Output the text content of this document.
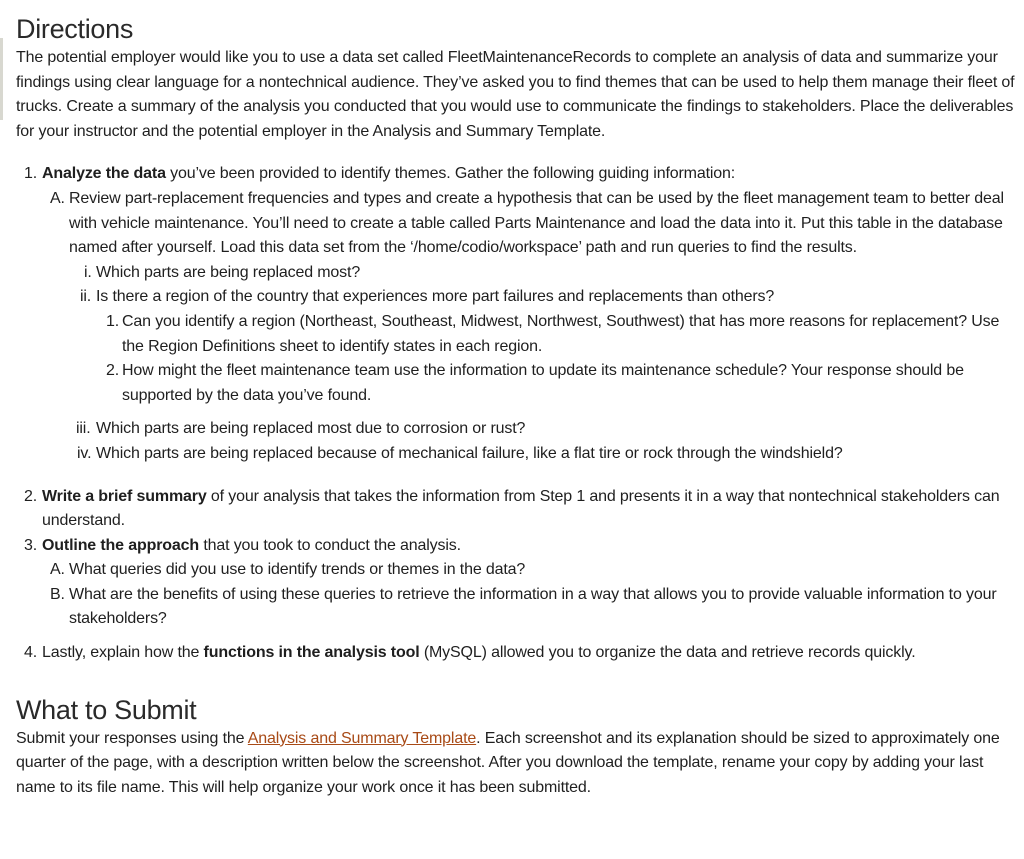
Directions

The potential employer would like you to use a data set called FleetMaintenanceRecords to complete an analysis of data and summarize your findings using clear language for a nontechnical audience. They’ve asked you to find themes that can be used to help them manage their fleet of trucks. Create a summary of the analysis you conducted that you would use to communicate the findings to stakeholders. Place the deliverables for your instructor and the potential employer in the Analysis and Summary Template.

1. Analyze the data you’ve been provided to identify themes. Gather the following guiding information:
A. Review part-replacement frequencies and types and create a hypothesis that can be used by the fleet management team to better deal with vehicle maintenance. You’ll need to create a table called Parts Maintenance and load the data into it. Put this table in the database named after yourself. Load this data set from the ‘/home/codio/workspace’ path and run queries to find the results.
i. Which parts are being replaced most?
ii. Is there a region of the country that experiences more part failures and replacements than others?
1. Can you identify a region (Northeast, Southeast, Midwest, Northwest, Southwest) that has more reasons for replacement? Use the Region Definitions sheet to identify states in each region.
2. How might the fleet maintenance team use the information to update its maintenance schedule? Your response should be supported by the data you’ve found.
iii. Which parts are being replaced most due to corrosion or rust?
iv. Which parts are being replaced because of mechanical failure, like a flat tire or rock through the windshield?
2. Write a brief summary of your analysis that takes the information from Step 1 and presents it in a way that nontechnical stakeholders can understand.
3. Outline the approach that you took to conduct the analysis.
A. What queries did you use to identify trends or themes in the data?
B. What are the benefits of using these queries to retrieve the information in a way that allows you to provide valuable information to your stakeholders?
4. Lastly, explain how the functions in the analysis tool (MySQL) allowed you to organize the data and retrieve records quickly.
What to Submit

Submit your responses using the Analysis and Summary Template. Each screenshot and its explanation should be sized to approximately one quarter of the page, with a description written below the screenshot. After you download the template, rename your copy by adding your last name to its file name. This will help organize your work once it has been submitted.
